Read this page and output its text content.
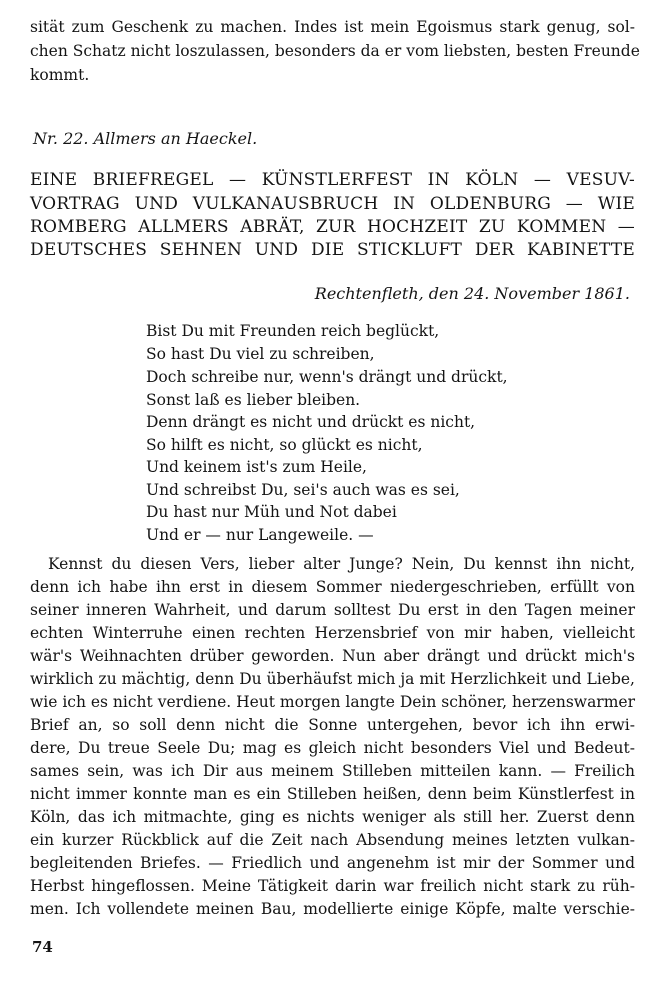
sität zum Geschenk zu machen. Indes ist mein Egoismus stark genug, sol-
chen Schatz nicht loszulassen, besonders da er vom liebsten, besten Freunde
kommt.
Nr. 22. Allmers an Haeckel.
EINE BRIEFREGEL — KÜNSTLERFEST IN KÖLN — VESUV-
VORTRAG UND VULKANAUSBRUCH IN OLDENBURG — WIE
ROMBERG ALLMERS ABRÄT, ZUR HOCHZEIT ZU KOMMEN —
DEUTSCHES SEHNEN UND DIE STICKLUFT DER KABINETTE
Rechtenfleth, den 24. November 1861.
Bist Du mit Freunden reich beglückt,
So hast Du viel zu schreiben,
Doch schreibe nur, wenn's drängt und drückt,
Sonst laß es lieber bleiben.
Denn drängt es nicht und drückt es nicht,
So hilft es nicht, so glückt es nicht,
Und keinem ist's zum Heile,
Und schreibst Du, sei's auch was es sei,
Du hast nur Müh und Not dabei
Und er — nur Langeweile. —
Kennst du diesen Vers, lieber alter Junge? Nein, Du kennst ihn nicht,
denn ich habe ihn erst in diesem Sommer niedergeschrieben, erfüllt von
seiner inneren Wahrheit, und darum solltest Du erst in den Tagen meiner
echten Winterruhe einen rechten Herzensbrief von mir haben, vielleicht
wär's Weihnachten drüber geworden. Nun aber drängt und drückt mich's
wirklich zu mächtig, denn Du überhäufst mich ja mit Herzlichkeit und Liebe,
wie ich es nicht verdiene. Heut morgen langte Dein schöner, herzenswarmer
Brief an, so soll denn nicht die Sonne untergehen, bevor ich ihn erwi-
dere, Du treue Seele Du; mag es gleich nicht besonders Viel und Bedeut-
sames sein, was ich Dir aus meinem Stilleben mitteilen kann. — Freilich
nicht immer konnte man es ein Stilleben heißen, denn beim Künstlerfest in
Köln, das ich mitmachte, ging es nichts weniger als still her. Zuerst denn
ein kurzer Rückblick auf die Zeit nach Absendung meines letzten vulkan-
begleitenden Briefes. — Friedlich und angenehm ist mir der Sommer und
Herbst hingeflossen. Meine Tätigkeit darin war freilich nicht stark zu rüh-
men. Ich vollendete meinen Bau, modellierte einige Köpfe, malte verschie-
74
